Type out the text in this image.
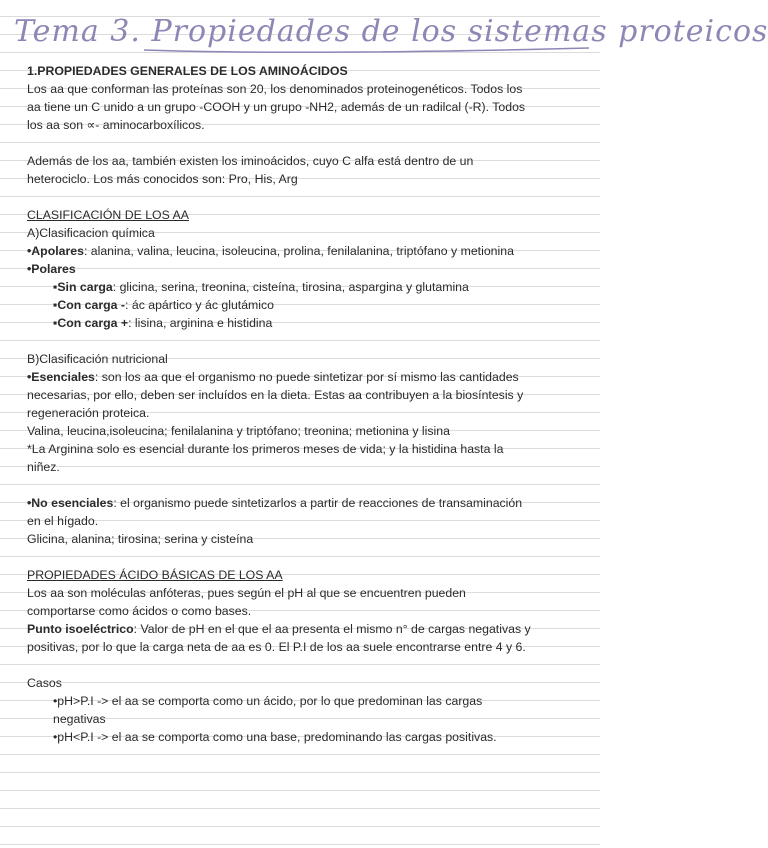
Tema 3. Propiedades de los sistemas proteicos
1.PROPIEDADES GENERALES DE LOS AMINOÁCIDOS
Los aa que conforman las proteínas son 20, los denominados proteinogenéticos. Todos los
aa tiene un C unido a un grupo -COOH y un grupo -NH2, además de un radilcal (-R). Todos
los aa son ∝- aminocarboxílicos.
Además de los aa, también existen los iminoácidos, cuyo C alfa está dentro de un
heterociclo. Los más conocidos son: Pro, His, Arg
CLASIFICACIÓN DE LOS AA
A)Clasificacion química
•Apolares: alanina, valina, leucina, isoleucina, prolina, fenilalanina, triptófano y metionina
•Polares
▪Sin carga: glicina, serina, treonina, cisteína, tirosina, aspargina y glutamina
▪Con carga -: ác apártico y ác glutámico
▪Con carga +: lisina, arginina e histidina
B)Clasificación nutricional
•Esenciales: son los aa que el organismo no puede sintetizar por sí mismo las cantidades
necesarias, por ello, deben ser incluídos en la dieta. Estas aa contribuyen a la biosíntesis y
regeneración proteica.
Valina, leucina,isoleucina; fenilalanina y triptófano; treonina; metionina y lisina
*La Arginina solo es esencial durante los primeros meses de vida; y la histidina hasta la
niñez.
•No esenciales: el organismo puede sintetizarlos a partir de reacciones de transaminación
en el hígado.
Glicina, alanina; tirosina; serina y cisteína
PROPIEDADES ÁCIDO BÁSICAS DE LOS AA
Los aa son moléculas anfóteras, pues según el pH al que se encuentren pueden
comportarse como ácidos o como bases.
Punto isoeléctrico: Valor de pH en el que el aa presenta el mismo n° de cargas negativas y
positivas, por lo que la carga neta de aa es 0. El P.I de los aa suele encontrarse entre 4 y 6.
Casos
•pH>P.I -> el aa se comporta como un ácido, por lo que predominan las cargas
negativas
•pH<P.I -> el aa se comporta como una base, predominando las cargas positivas.
